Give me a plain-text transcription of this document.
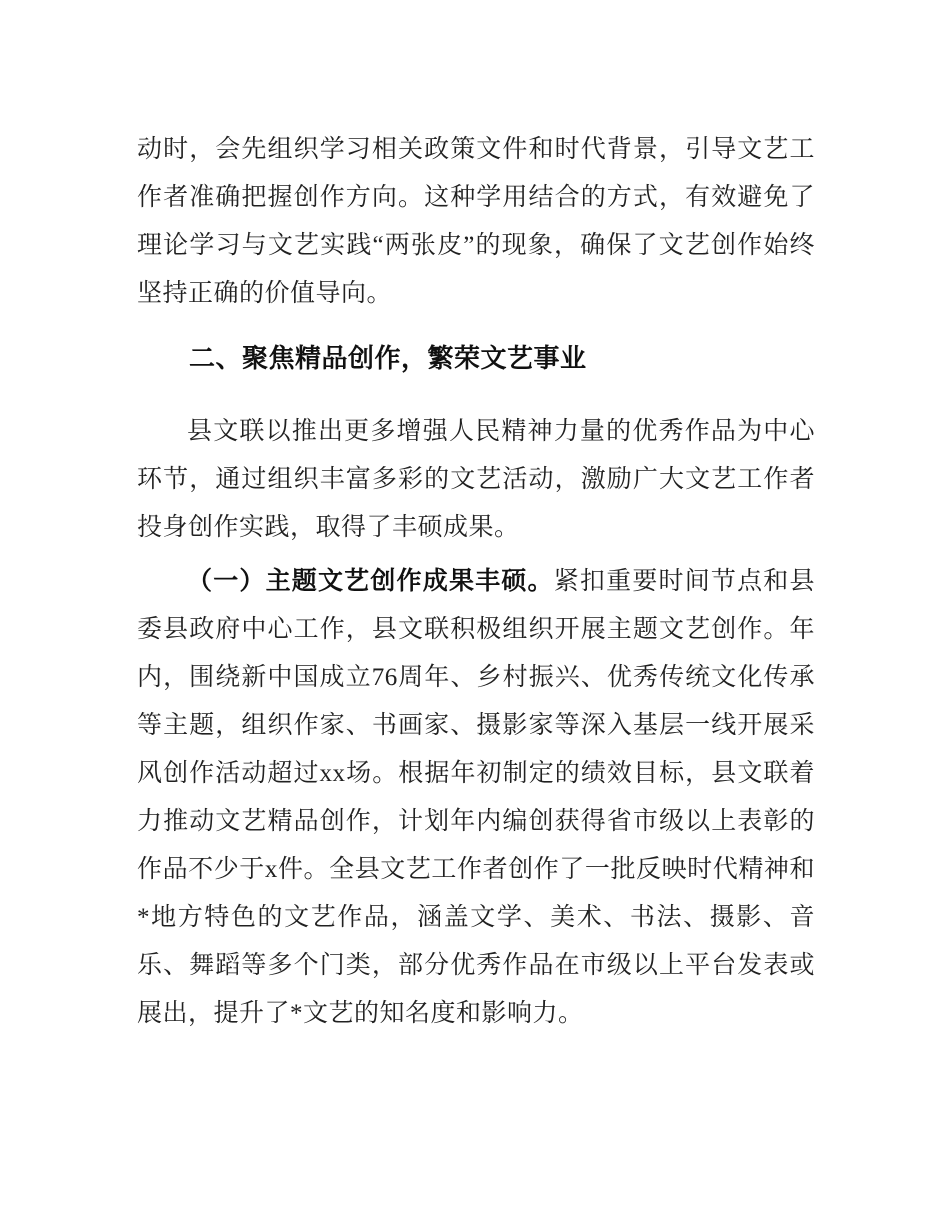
动时，会先组织学习相关政策文件和时代背景，引导文艺工作者准确把握创作方向。这种学用结合的方式，有效避免了理论学习与文艺实践“两张皮”的现象，确保了文艺创作始终坚持正确的价值导向。

二、聚焦精品创作，繁荣文艺事业

县文联以推出更多增强人民精神力量的优秀作品为中心环节，通过组织丰富多彩的文艺活动，激励广大文艺工作者投身创作实践，取得了丰硕成果。

（一）主题文艺创作成果丰硕。紧扣重要时间节点和县委县政府中心工作，县文联积极组织开展主题文艺创作。年内，围绕新中国成立76周年、乡村振兴、优秀传统文化传承等主题，组织作家、书画家、摄影家等深入基层一线开展采风创作活动超过xx场。根据年初制定的绩效目标，县文联着力推动文艺精品创作，计划年内编创获得省市级以上表彰的作品不少于x件。全县文艺工作者创作了一批反映时代精神和*地方特色的文艺作品，涵盖文学、美术、书法、摄影、音乐、舞蹈等多个门类，部分优秀作品在市级以上平台发表或展出，提升了*文艺的知名度和影响力。
